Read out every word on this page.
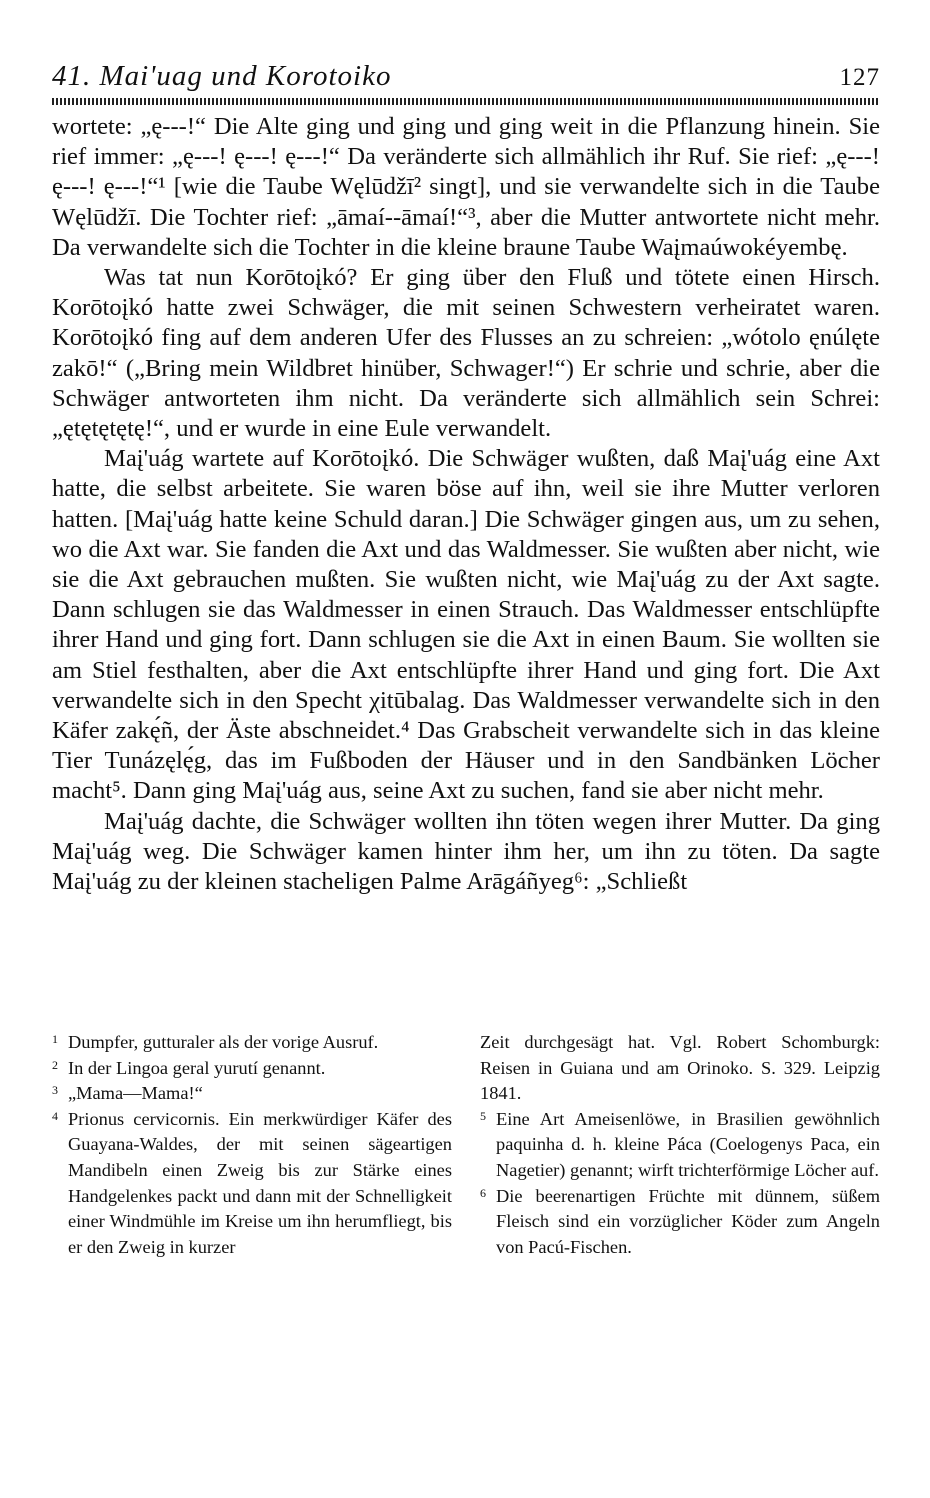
41. Mai'uag und Korotoiko	127

wortete: „ę---!“ Die Alte ging und ging und ging weit in die Pflanzung hinein. Sie rief immer: „ę---! ę---! ę---!“ Da veränderte sich allmählich ihr Ruf. Sie rief: „ę---! ę---! ę---!“¹ [wie die Taube Węlūdžī² singt], und sie verwandelte sich in die Taube Węlūdžī. Die Tochter rief: „āmaí--āmaí!“³, aber die Mutter antwortete nicht mehr. Da verwandelte sich die Tochter in die kleine braune Taube Waįmaúwokéyembę.

Was tat nun Korōtoįkó? Er ging über den Fluß und tötete einen Hirsch. Korōtoįkó hatte zwei Schwäger, die mit seinen Schwestern verheiratet waren. Korōtoįkó fing auf dem anderen Ufer des Flusses an zu schreien: „wótolo ęnúlęte zakō!“ („Bring mein Wildbret hinüber, Schwager!“) Er schrie und schrie, aber die Schwäger antworteten ihm nicht. Da veränderte sich allmählich sein Schrei: „ętętętętę!“, und er wurde in eine Eule verwandelt.

Maį'uág wartete auf Korōtoįkó. Die Schwäger wußten, daß Maį'uág eine Axt hatte, die selbst arbeitete. Sie waren böse auf ihn, weil sie ihre Mutter verloren hatten. [Maį'uág hatte keine Schuld daran.] Die Schwäger gingen aus, um zu sehen, wo die Axt war. Sie fanden die Axt und das Waldmesser. Sie wußten aber nicht, wie sie die Axt gebrauchen mußten. Sie wußten nicht, wie Maį'uág zu der Axt sagte. Dann schlugen sie das Waldmesser in einen Strauch. Das Waldmesser entschlüpfte ihrer Hand und ging fort. Dann schlugen sie die Axt in einen Baum. Sie wollten sie am Stiel festhalten, aber die Axt entschlüpfte ihrer Hand und ging fort. Die Axt verwandelte sich in den Specht χitūbalag. Das Waldmesser verwandelte sich in den Käfer zakę́ñ, der Äste abschneidet.⁴ Das Grabscheit verwandelte sich in das kleine Tier Tunázęlę́g, das im Fußboden der Häuser und in den Sandbänken Löcher macht⁵. Dann ging Maį'uág aus, seine Axt zu suchen, fand sie aber nicht mehr.

Maį'uág dachte, die Schwäger wollten ihn töten wegen ihrer Mutter. Da ging Maį'uág weg. Die Schwäger kamen hinter ihm her, um ihn zu töten. Da sagte Maį'uág zu der kleinen stacheligen Palme Arāgáñyeg⁶: „Schließt

1 Dumpfer, gutturaler als der vorige Ausruf.

2 In der Lingoa geral yurutí genannt.

3 „Mama—Mama!“

4 Prionus cervicornis. Ein merkwürdiger Käfer des Guayana-Waldes, der mit seinen sägeartigen Mandibeln einen Zweig bis zur Stärke eines Handgelenkes packt und dann mit der Schnelligkeit einer Windmühle im Kreise um ihn herumfliegt, bis er den Zweig in kurzer

Zeit durchgesägt hat. Vgl. Robert Schomburgk: Reisen in Guiana und am Orinoko. S. 329. Leipzig 1841.

5 Eine Art Ameisenlöwe, in Brasilien gewöhnlich paquinha d. h. kleine Páca (Coelogenys Paca, ein Nagetier) genannt; wirft trichterförmige Löcher auf.

6 Die beerenartigen Früchte mit dünnem, süßem Fleisch sind ein vorzüglicher Köder zum Angeln von Pacú-Fischen.
